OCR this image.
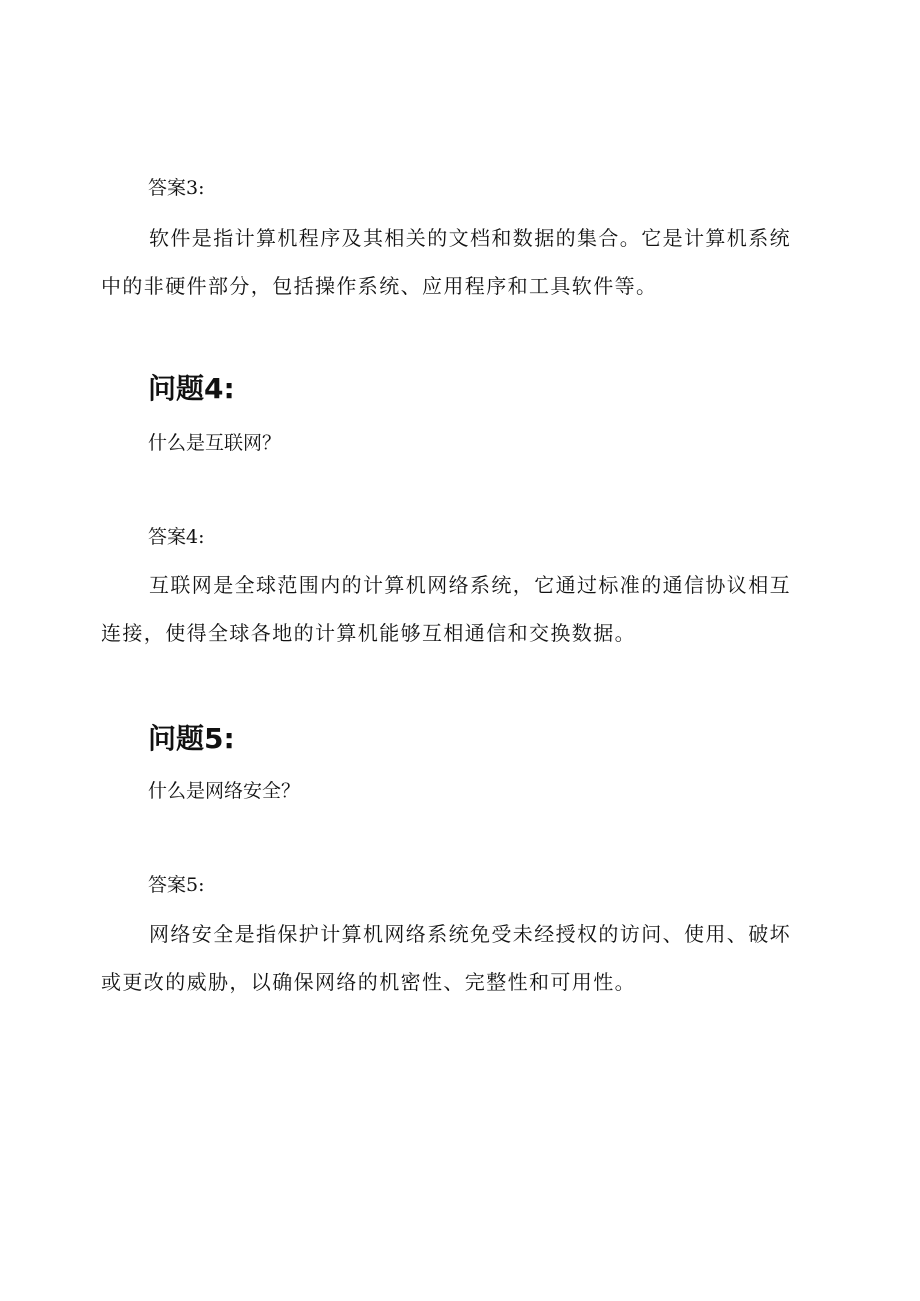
答案3:
软件是指计算机程序及其相关的文档和数据的集合。它是计算机系统中的非硬件部分，包括操作系统、应用程序和工具软件等。
问题4:
什么是互联网？
答案4:
互联网是全球范围内的计算机网络系统，它通过标准的通信协议相互连接，使得全球各地的计算机能够互相通信和交换数据。
问题5:
什么是网络安全？
答案5:
网络安全是指保护计算机网络系统免受未经授权的访问、使用、破坏或更改的威胁，以确保网络的机密性、完整性和可用性。
